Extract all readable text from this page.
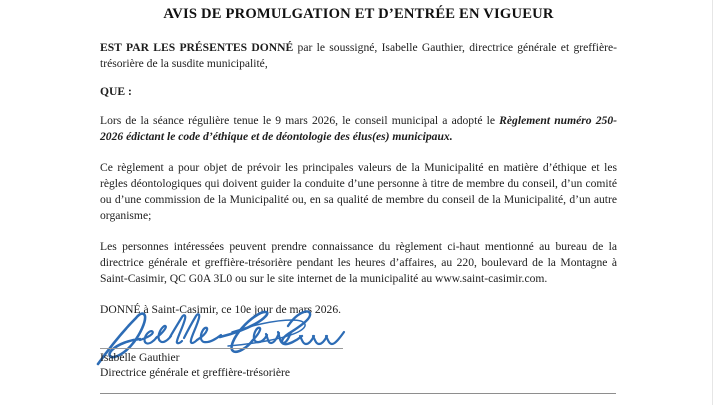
AVIS DE PROMULGATION ET D’ENTRÉE EN VIGUEUR

EST PAR LES PRÉSENTES DONNÉ par le soussigné, Isabelle Gauthier, directrice générale et greffière-trésorière de la susdite municipalité,

QUE :

Lors de la séance régulière tenue le 9 mars 2026, le conseil municipal a adopté le Règlement numéro 250-2026 édictant le code d’éthique et de déontologie des élus(es) municipaux.

Ce règlement a pour objet de prévoir les principales valeurs de la Municipalité en matière d’éthique et les règles déontologiques qui doivent guider la conduite d’une personne à titre de membre du conseil, d’un comité ou d’une commission de la Municipalité ou, en sa qualité de membre du conseil de la Municipalité, d’un autre organisme;

Les personnes intéressées peuvent prendre connaissance du règlement ci-haut mentionné au bureau de la directrice générale et greffière-trésorière pendant les heures d’affaires, au 220, boulevard de la Montagne à Saint-Casimir, QC G0A 3L0 ou sur le site internet de la municipalité au www.saint-casimir.com.

DONNÉ à Saint-Casimir, ce 10e jour de mars 2026.

Isabelle Gauthier
Directrice générale et greffière-trésorière
